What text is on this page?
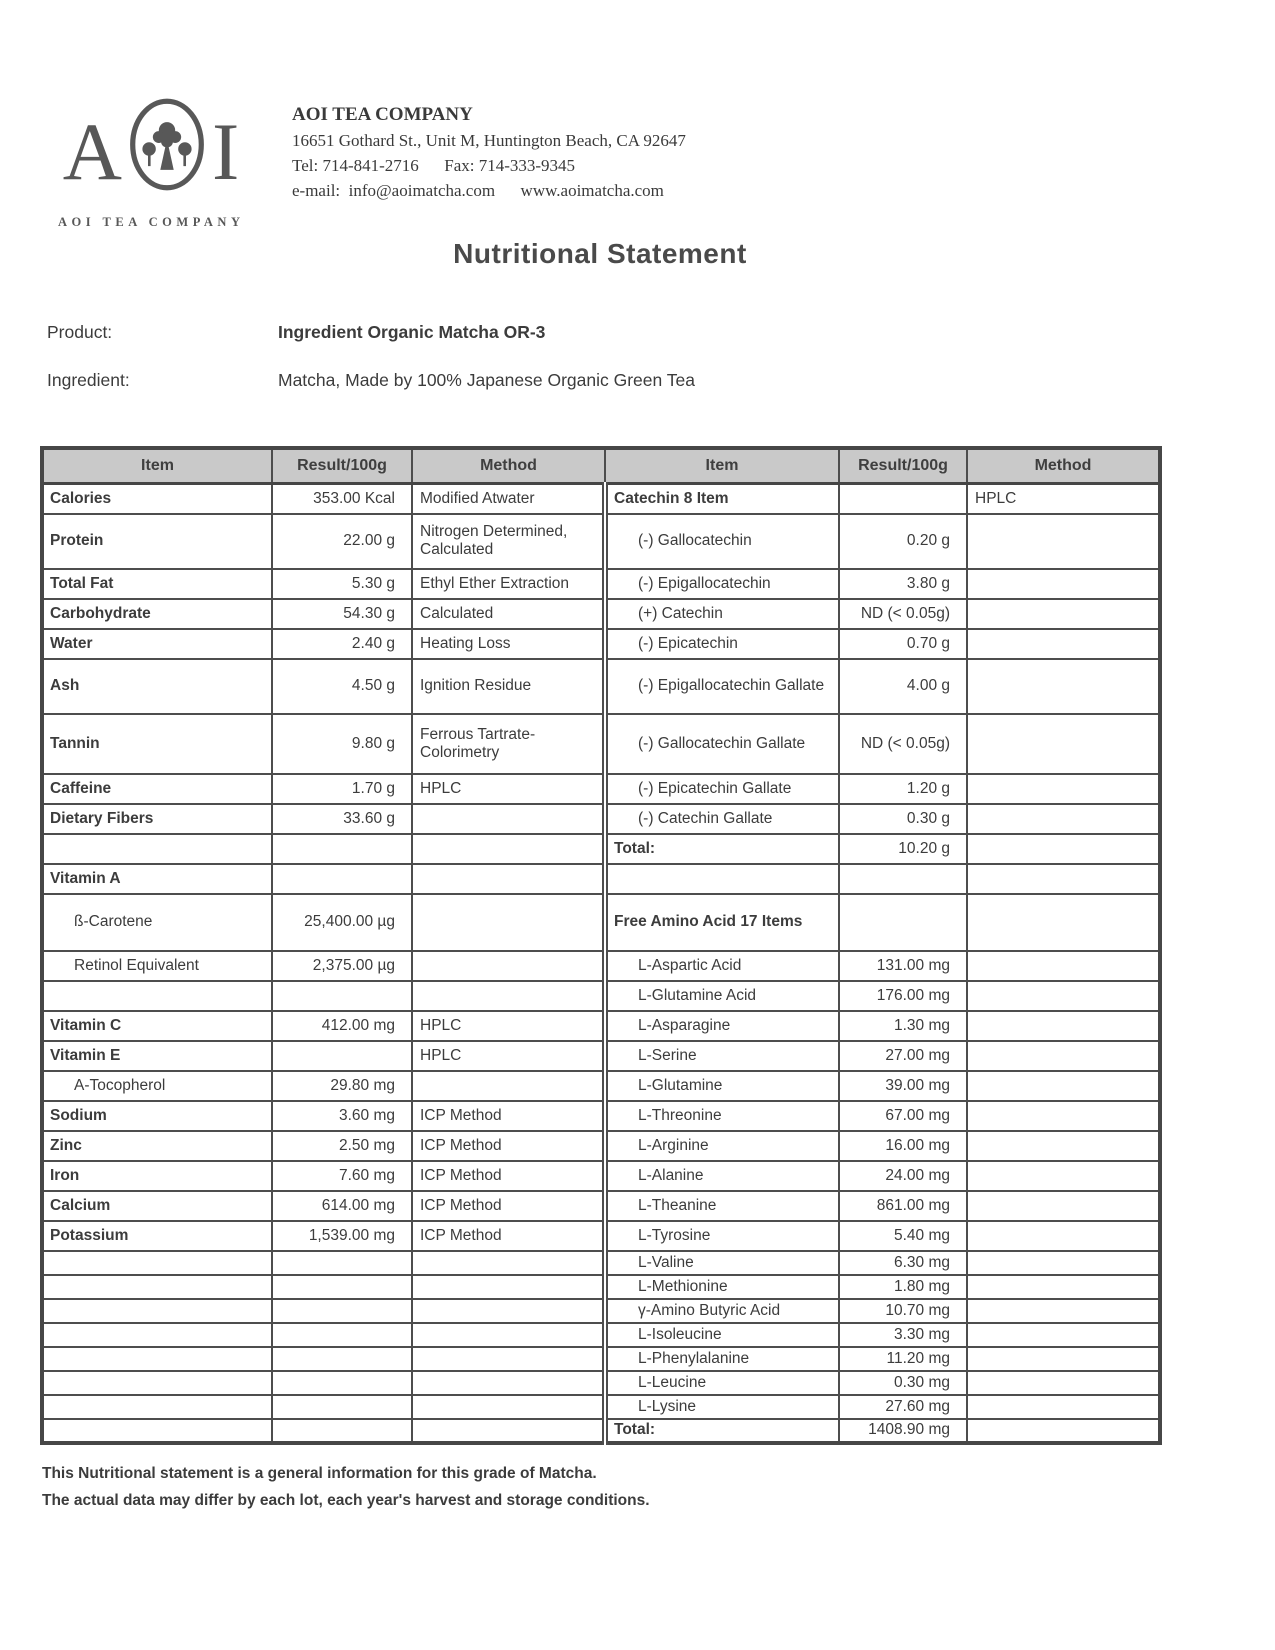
A I
AOI TEA COMPANY
AOI TEA COMPANY
16651 Gothard St., Unit M, Huntington Beach, CA 92647
Tel: 714-841-2716      Fax: 714-333-9345
e-mail:  info@aoimatcha.com      www.aoimatcha.com
Nutritional Statement
Product:	Ingredient Organic Matcha OR-3
Ingredient:	Matcha, Made by 100% Japanese Organic Green Tea
Item	Result/100g	Method	Item	Result/100g	Method
Calories	353.00 Kcal	Modified Atwater	Catechin 8 Item		HPLC
Protein	22.00 g	Nitrogen Determined, Calculated	(-) Gallocatechin	0.20 g	
Total Fat	5.30 g	Ethyl Ether Extraction	(-) Epigallocatechin	3.80 g	
Carbohydrate	54.30 g	Calculated	(+) Catechin	ND (< 0.05g)	
Water	2.40 g	Heating Loss	(-) Epicatechin	0.70 g	
Ash	4.50 g	Ignition Residue	(-) Epigallocatechin Gallate	4.00 g	
Tannin	9.80 g	Ferrous Tartrate-Colorimetry	(-) Gallocatechin Gallate	ND (< 0.05g)	
Caffeine	1.70 g	HPLC	(-) Epicatechin Gallate	1.20 g	
Dietary Fibers	33.60 g		(-) Catechin Gallate	0.30 g	
			Total:	10.20 g	
Vitamin A					
ß-Carotene	25,400.00 µg		Free Amino Acid 17 Items		
Retinol Equivalent	2,375.00 µg		L-Aspartic Acid	131.00 mg	
			L-Glutamine Acid	176.00 mg	
Vitamin C	412.00 mg	HPLC	L-Asparagine	1.30 mg	
Vitamin E		HPLC	L-Serine	27.00 mg	
A-Tocopherol	29.80 mg		L-Glutamine	39.00 mg	
Sodium	3.60 mg	ICP Method	L-Threonine	67.00 mg	
Zinc	2.50 mg	ICP Method	L-Arginine	16.00 mg	
Iron	7.60 mg	ICP Method	L-Alanine	24.00 mg	
Calcium	614.00 mg	ICP Method	L-Theanine	861.00 mg	
Potassium	1,539.00 mg	ICP Method	L-Tyrosine	5.40 mg	
			L-Valine	6.30 mg	
			L-Methionine	1.80 mg	
			γ-Amino Butyric Acid	10.70 mg	
			L-Isoleucine	3.30 mg	
			L-Phenylalanine	11.20 mg	
			L-Leucine	0.30 mg	
			L-Lysine	27.60 mg	
			Total:	1408.90 mg	
This Nutritional statement is a general information for this grade of Matcha.
The actual data may differ by each lot, each year's harvest and storage conditions.
